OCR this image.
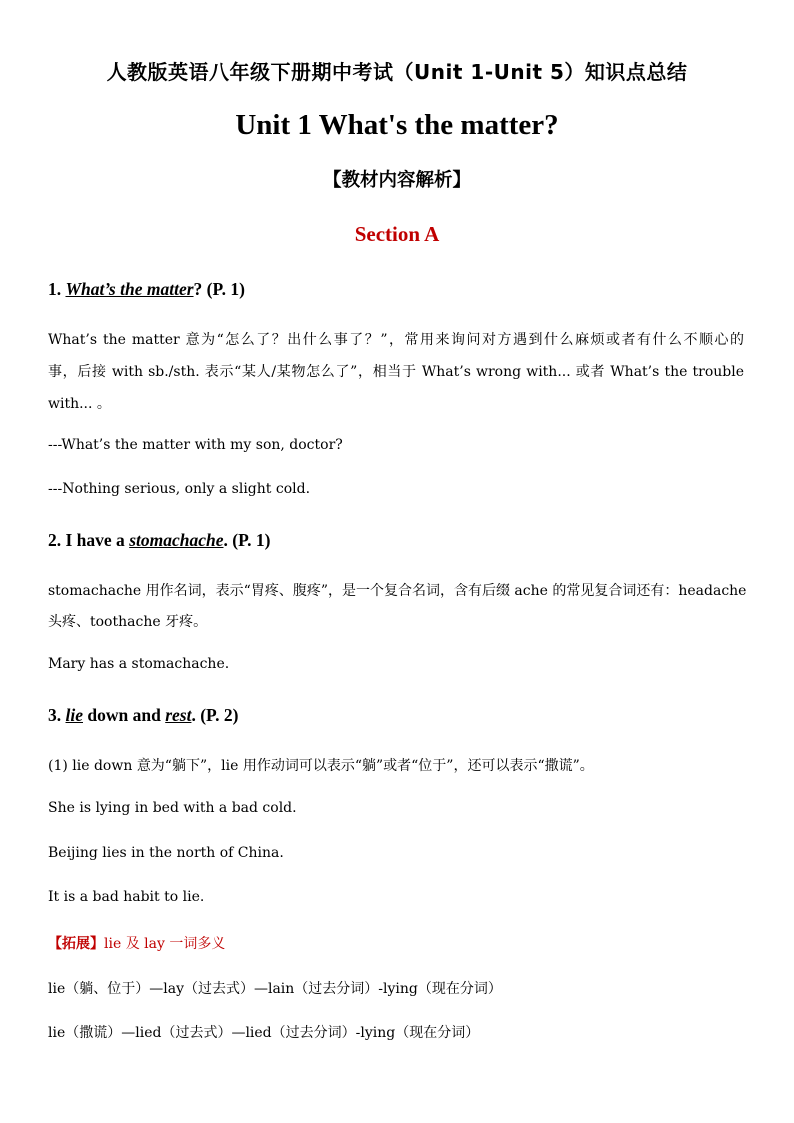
人教版英语八年级下册期中考试（Unit 1-Unit 5）知识点总结
Unit 1 What's the matter?
【教材内容解析】
Section A
1. What’s the matter? (P. 1)
What’s the matter 意为“怎么了？出什么事了？”，常用来询问对方遇到什么麻烦或者有什么不顺心的
事，后接 with sb./sth. 表示“某人/某物怎么了”，相当于 What’s wrong with... 或者 What’s the trouble
with... 。
---What’s the matter with my son, doctor?
---Nothing serious, only a slight cold.
2. I have a stomachache. (P. 1)
stomachache 用作名词，表示“胃疼、腹疼”，是一个复合名词，含有后缀 ache 的常见复合词还有：headache
头疼、toothache 牙疼。
Mary has a stomachache.
3. lie down and rest. (P. 2)
(1) lie down 意为“躺下”，lie 用作动词可以表示“躺”或者“位于”，还可以表示“撒谎”。
She is lying in bed with a bad cold.
Beijing lies in the north of China.
It is a bad habit to lie.
【拓展】lie 及 lay 一词多义
lie（躺、位于）—lay（过去式）—lain（过去分词）-lying（现在分词）
lie（撒谎）—lied（过去式）—lied（过去分词）-lying（现在分词）
